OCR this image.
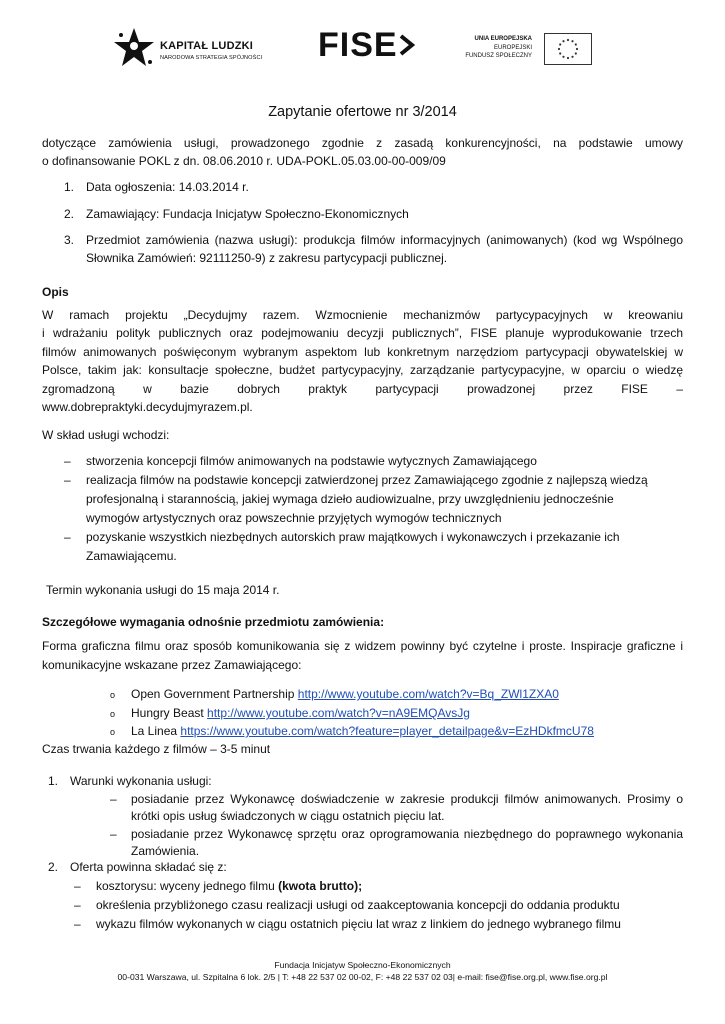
KAPITAŁ LUDZKI
NARODOWA STRATEGIA SPÓJNOŚCI FISE	UNIA EUROPEJSKA
EUROPEJSKI
FUNDUSZ SPOŁECZNY
Zapytanie ofertowe nr 3/2014
dotyczące zamówienia usługi, prowadzonego zgodnie z zasadą konkurencyjności, na podstawie umowy
o dofinansowanie POKL z dn. 08.06.2010 r. UDA-POKL.05.03.00-00-009/09
1. Data ogłoszenia: 14.03.2014 r.
2. Zamawiający: Fundacja Inicjatyw Społeczno-Ekonomicznych
3. Przedmiot zamówienia (nazwa usługi): produkcja filmów informacyjnych (animowanych) (kod wg Wspólnego
Słownika Zamówień: 92111250-9) z zakresu partycypacji publicznej.
Opis
W ramach projektu „Decydujmy razem. Wzmocnienie mechanizmów partycypacyjnych w kreowaniu
i wdrażaniu polityk publicznych oraz podejmowaniu decyzji publicznych”, FISE planuje wyprodukowanie trzech
filmów animowanych poświęconym wybranym aspektom lub konkretnym narzędziom partycypacji obywatelskiej w
Polsce, takim jak: konsultacje społeczne, budżet partycypacyjny, zarządzanie partycypacyjne, w oparciu o wiedzę
zgromadzoną w bazie dobrych praktyk partycypacji prowadzonej przez FISE –
www.dobrepraktyki.decydujmyrazem.pl.
W skład usługi wchodzi:
– stworzenia koncepcji filmów animowanych na podstawie wytycznych Zamawiającego
– realizacja filmów na podstawie koncepcji zatwierdzonej przez Zamawiającego zgodnie z najlepszą wiedzą
profesjonalną i starannością, jakiej wymaga dzieło audiowizualne, przy uwzględnieniu jednocześnie
wymogów artystycznych oraz powszechnie przyjętych wymogów technicznych
– pozyskanie wszystkich niezbędnych autorskich praw majątkowych i wykonawczych i przekazanie ich
Zamawiającemu.
Termin wykonania usługi do 15 maja 2014 r.
Szczegółowe wymagania odnośnie przedmiotu zamówienia:
Forma graficzna filmu oraz sposób komunikowania się z widzem powinny być czytelne i proste. Inspiracje graficzne i
komunikacyjne wskazane przez Zamawiającego:
o Open Government Partnership http://www.youtube.com/watch?v=Bq_ZWl1ZXA0
o Hungry Beast http://www.youtube.com/watch?v=nA9EMQAvsJg
o La Linea https://www.youtube.com/watch?feature=player_detailpage&v=EzHDkfmcU78
Czas trwania każdego z filmów – 3-5 minut
1. Warunki wykonania usługi:
– posiadanie przez Wykonawcę doświadczenie w zakresie produkcji filmów animowanych. Prosimy o
krótki opis usług świadczonych w ciągu ostatnich pięciu lat.
– posiadanie przez Wykonawcę sprzętu oraz oprogramowania niezbędnego do poprawnego wykonania
Zamówienia.
2. Oferta powinna składać się z:
– kosztorysu: wyceny jednego filmu (kwota brutto);
– określenia przybliżonego czasu realizacji usługi od zaakceptowania koncepcji do oddania produktu
– wykazu filmów wykonanych w ciągu ostatnich pięciu lat wraz z linkiem do jednego wybranego filmu
Fundacja Inicjatyw Społeczno-Ekonomicznych
00-031 Warszawa, ul. Szpitalna 6 lok. 2/5 | T: +48 22 537 02 00-02, F: +48 22 537 02 03| e-mail: fise@fise.org.pl, www.fise.org.pl
